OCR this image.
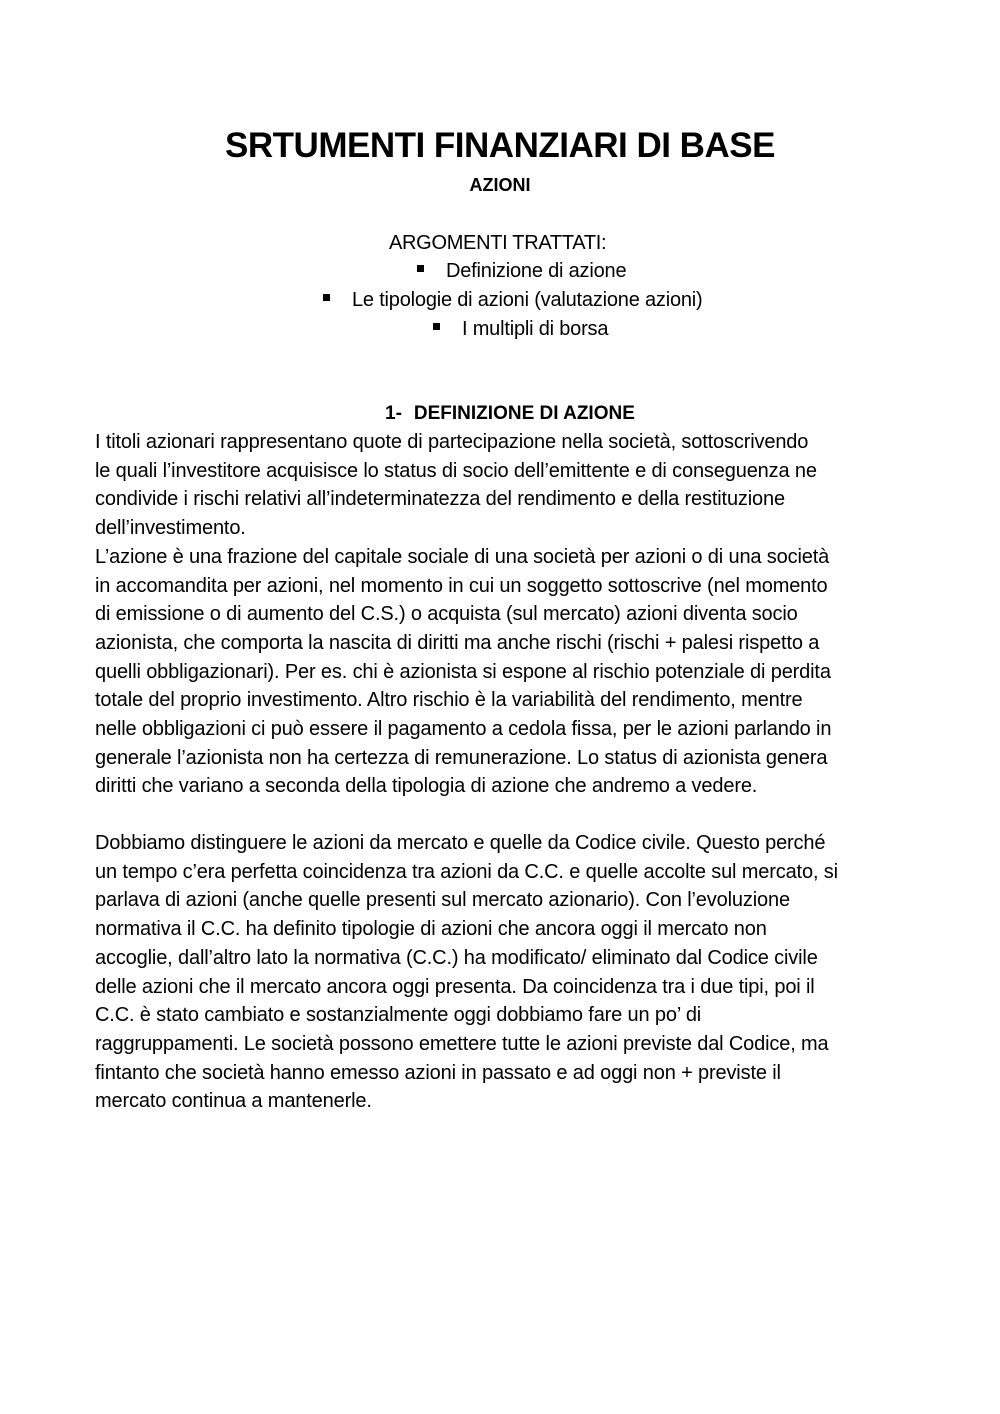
SRTUMENTI FINANZIARI DI BASE
AZIONI
ARGOMENTI TRATTATI:
Definizione di azione
Le tipologie di azioni (valutazione azioni)
I multipli di borsa
1- DEFINIZIONE DI AZIONE
I titoli azionari rappresentano quote di partecipazione nella società, sottoscrivendo
le quali l’investitore acquisisce lo status di socio dell’emittente e di conseguenza ne
condivide i rischi relativi all’indeterminatezza del rendimento e della restituzione
dell’investimento.
L’azione è una frazione del capitale sociale di una società per azioni o di una società
in accomandita per azioni, nel momento in cui un soggetto sottoscrive (nel momento
di emissione o di aumento del C.S.) o acquista (sul mercato) azioni diventa socio
azionista, che comporta la nascita di diritti ma anche rischi (rischi + palesi rispetto a
quelli obbligazionari). Per es. chi è azionista si espone al rischio potenziale di perdita
totale del proprio investimento. Altro rischio è la variabilità del rendimento, mentre
nelle obbligazioni ci può essere il pagamento a cedola fissa, per le azioni parlando in
generale l’azionista non ha certezza di remunerazione. Lo status di azionista genera
diritti che variano a seconda della tipologia di azione che andremo a vedere.
Dobbiamo distinguere le azioni da mercato e quelle da Codice civile. Questo perché
un tempo c’era perfetta coincidenza tra azioni da C.C. e quelle accolte sul mercato, si
parlava di azioni (anche quelle presenti sul mercato azionario). Con l’evoluzione
normativa il C.C. ha definito tipologie di azioni che ancora oggi il mercato non
accoglie, dall’altro lato la normativa (C.C.) ha modificato/ eliminato dal Codice civile
delle azioni che il mercato ancora oggi presenta. Da coincidenza tra i due tipi, poi il
C.C. è stato cambiato e sostanzialmente oggi dobbiamo fare un po’ di
raggruppamenti. Le società possono emettere tutte le azioni previste dal Codice, ma
fintanto che società hanno emesso azioni in passato e ad oggi non + previste il
mercato continua a mantenerle.
